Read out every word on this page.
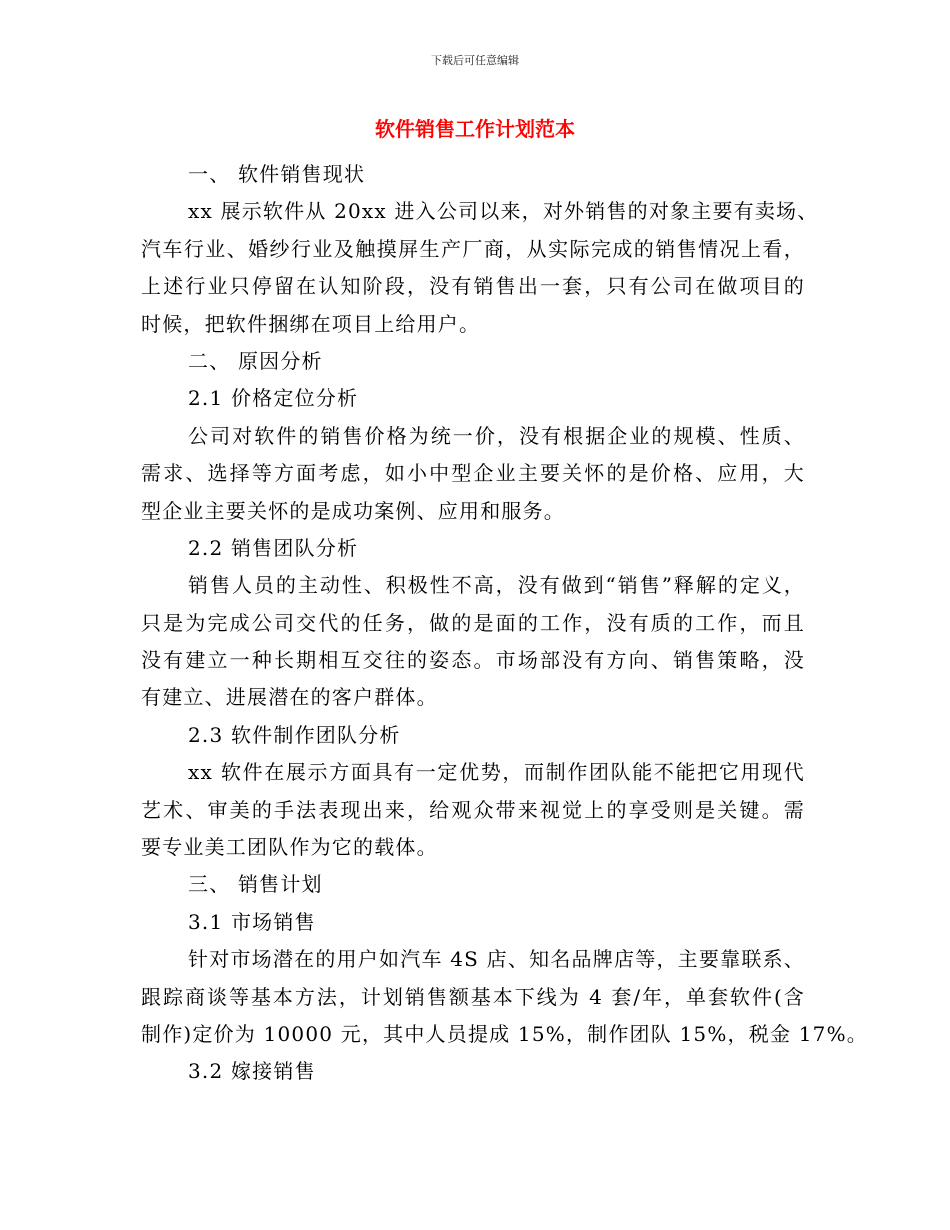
下载后可任意编辑
软件销售工作计划范本
一、 软件销售现状
xx 展示软件从 20xx 进入公司以来，对外销售的对象主要有卖场、
汽车行业、婚纱行业及触摸屏生产厂商，从实际完成的销售情况上看，
上述行业只停留在认知阶段，没有销售出一套，只有公司在做项目的
时候，把软件捆绑在项目上给用户。
二、 原因分析
2.1 价格定位分析
公司对软件的销售价格为统一价，没有根据企业的规模、性质、
需求、选择等方面考虑，如小中型企业主要关怀的是价格、应用，大
型企业主要关怀的是成功案例、应用和服务。
2.2 销售团队分析
销售人员的主动性、积极性不高，没有做到“销售”释解的定义，
只是为完成公司交代的任务，做的是面的工作，没有质的工作，而且
没有建立一种长期相互交往的姿态。市场部没有方向、销售策略，没
有建立、进展潜在的客户群体。
2.3 软件制作团队分析
xx 软件在展示方面具有一定优势，而制作团队能不能把它用现代
艺术、审美的手法表现出来，给观众带来视觉上的享受则是关键。需
要专业美工团队作为它的载体。
三、 销售计划
3.1 市场销售
针对市场潜在的用户如汽车 4S 店、知名品牌店等，主要靠联系、
跟踪商谈等基本方法，计划销售额基本下线为 4 套/年，单套软件(含
制作)定价为 10000 元，其中人员提成 15%，制作团队 15%，税金 17%。
3.2 嫁接销售
